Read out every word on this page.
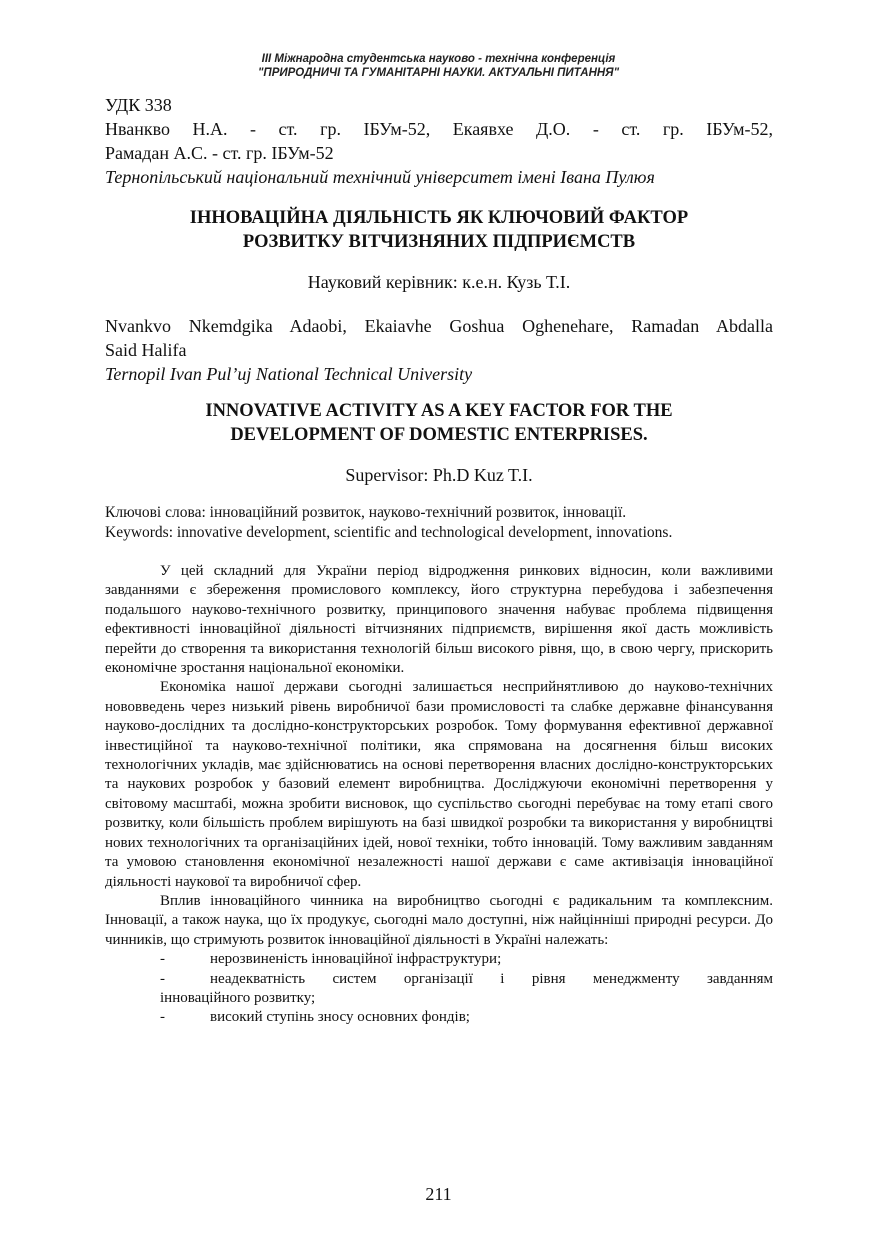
III Міжнародна студентська науково - технічна конференція
"ПРИРОДНИЧІ ТА ГУМАНІТАРНІ НАУКИ. АКТУАЛЬНІ ПИТАННЯ"

УДК 338

Нванкво Н.А. - ст. гр. ІБУм-52, Екаявхе Д.О. - ст. гр. ІБУм-52,

Рамадан А.С. - ст. гр. ІБУм-52

Тернопільський національний технічний університет імені Івана Пулюя

ІННОВАЦІЙНА ДІЯЛЬНІСТЬ ЯК КЛЮЧОВИЙ ФАКТОР
РОЗВИТКУ ВІТЧИЗНЯНИХ ПІДПРИЄМСТВ
Науковий керівник: к.е.н. Кузь Т.І.

Nvankvo Nkemdgika Adaobi, Ekaiavhe Goshua Oghenehare, Ramadan Abdalla

Said Halifa

Ternopil Ivan Pul’uj National Technical University

INNOVATIVE ACTIVITY AS A KEY FACTOR FOR THE
DEVELOPMENT OF DOMESTIC ENTERPRISES.
Supervisor: Ph.D Kuz T.I.
Ключові слова: інноваційний розвиток, науково-технічний розвиток, інновації.
Keywords: innovative development, scientific and technological development, innovations.

У цей складний для України період відродження ринкових відносин, коли важливими завданнями є збереження промислового комплексу, його структурна перебудова і забезпечення подальшого науково-технічного розвитку, принципового значення набуває проблема підвищення ефективності інноваційної діяльності вітчизняних підприємств, вирішення якої дасть можливість перейти до створення та використання технологій більш високого рівня, що, в свою чергу, прискорить економічне зростання національної економіки.

Економіка нашої держави сьогодні залишається несприйнятливою до науково-технічних нововведень через низький рівень виробничої бази промисловості та слабке державне фінансування науково-дослідних та дослідно-конструкторських розробок. Тому формування ефективної державної інвестиційної та науково-технічної політики, яка спрямована на досягнення більш високих технологічних укладів, має здійснюватись на основі перетворення власних дослідно-конструкторських та наукових розробок у базовий елемент виробництва. Досліджуючи економічні перетворення у світовому масштабі, можна зробити висновок, що суспільство сьогодні перебуває на тому етапі свого розвитку, коли більшість проблем вирішують на базі швидкої розробки та використання у виробництві нових технологічних та організаційних ідей, нової техніки, тобто інновацій. Тому важливим завданням та умовою становлення економічної незалежності нашої держави є саме активізація інноваційної діяльності наукової та виробничої сфер.

Вплив інноваційного чинника на виробництво сьогодні є радикальним та комплексним. Інновації, а також наука, що їх продукує, сьогодні мало доступні, ніж найцінніші природні ресурси. До чинників, що стримують розвиток інноваційної діяльності в Україні належать:

-	нерозвиненість інноваційної інфраструктури;
-	неадекватність систем організації і рівня менеджменту завданням

інноваційного розвитку;

-	високий ступінь зносу основних фондів;
211
